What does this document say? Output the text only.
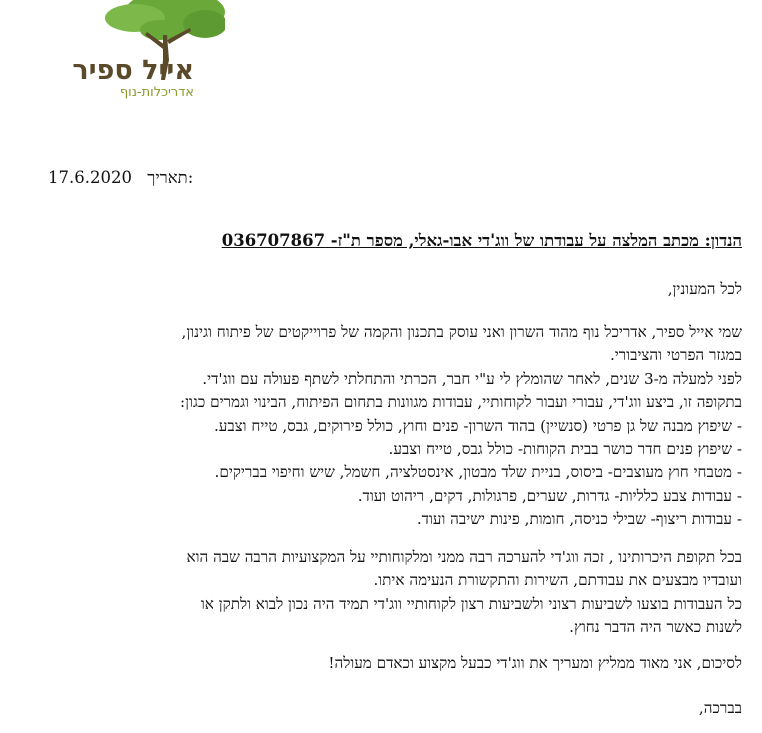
אייל ספיר
אדריכלות-נוף
17.6.2020 תאריך:
הנדון: מכתב המלצה על עבודתו של ווג'די אבו-גאלי, מספר ת"ז- 036707867
לכל המעונין,
שמי אייל ספיר, אדריכל נוף מהוד השרון ואני עוסק בתכנון והקמה של פרוייקטים של פיתוח וגינון,
במגזר הפרטי והציבורי.
לפני למעלה מ-3 שנים, לאחר שהומלץ לי ע"י חבר, הכרתי והתחלתי לשתף פעולה עם ווג'די.
בתקופה זו, ביצע ווג'די, עבורי ועבור לקוחותיי, עבודות מגוונות בתחום הפיתוח, הבינוי וגמרים כגון:
- שיפוץ מבנה של גן פרטי (סנשיין) בהוד השרון- פנים וחוץ, כולל פירוקים, גבס, טייח וצבע.
- שיפוץ פנים חדר כושר בבית הקוחות- כולל גבס, טייח וצבע.
- מטבחי חוץ מעוצבים- ביסוס, בניית שלד מבטון, אינסטלציה, חשמל, שיש וחיפוי בבריקים.
- עבודות צבע כלליות- גדרות, שערים, פרגולות, דקים, ריהוט ועוד.
- עבודות ריצוף- שבילי כניסה, חומות, פינות ישיבה ועוד.
בכל תקופת היכרותינו , זכה ווג'די להערכה רבה ממני ומלקוחותיי על המקצועיות הרבה שבה הוא
ועובדיו מבצעים את עבודתם, השירות והתקשורת הנעימה איתו.
כל העבודות בוצעו לשביעות רצוני ולשביעות רצון לקוחותיי ווג'די תמיד היה נכון לבוא ולתקן או
לשנות כאשר היה הדבר נחוץ.
לסיכום, אני מאוד ממליץ ומעריך את ווג'די כבעל מקצוע וכאדם מעולה!
בברכה,
